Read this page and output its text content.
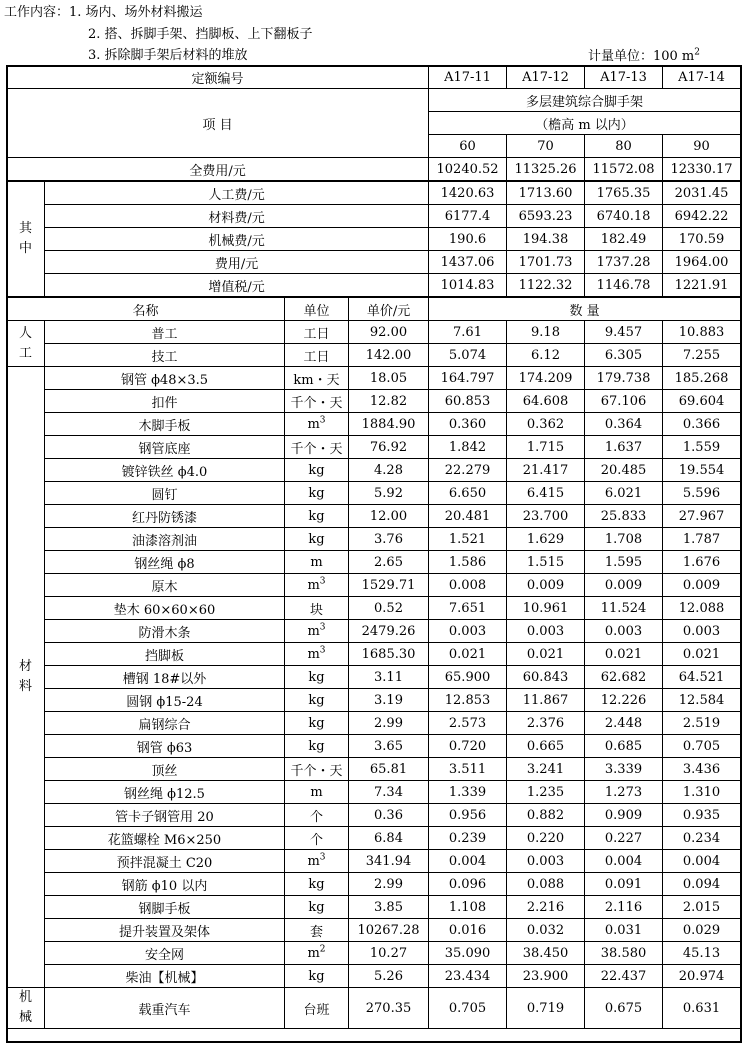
工作内容：1. 场内、场外材料搬运
2. 搭、拆脚手架、挡脚板、上下翻板子
3. 拆除脚手架后材料的堆放	计量单位：100 $m^2$
定额编号				A17-11	A17-12	A17-13	A17-14
项 目				多层建筑综合脚手架			
				（檐高 m 以内）			
				60	70	80	90
全费用/元				10240.52	11325.26	11572.08	12330.17
其
中	人工费/元			1420.63	1713.60	1765.35	2031.45
	材料费/元			6177.4	6593.23	6740.18	6942.22
	机械费/元			190.6	194.38	182.49	170.59
	费用/元			1437.06	1701.73	1737.28	1964.00
	增值税/元			1014.83	1122.32	1146.78	1221.91
名称		单位	单价/元	数 量			
人
工	普工	工日	92.00	7.61	9.18	9.457	10.883
	技工	工日	142.00	5.074	6.12	6.305	7.255
材
料	钢管 ϕ48×3.5	km・天	18.05	164.797	174.209	179.738	185.268
	扣件	千个・天	12.82	60.853	64.608	67.106	69.604
	木脚手板	$m^3$	1884.90	0.360	0.362	0.364	0.366
	钢管底座	千个・天	76.92	1.842	1.715	1.637	1.559
	镀锌铁丝 ϕ4.0	kg	4.28	22.279	21.417	20.485	19.554
	圆钉	kg	5.92	6.650	6.415	6.021	5.596
	红丹防锈漆	kg	12.00	20.481	23.700	25.833	27.967
	油漆溶剂油	kg	3.76	1.521	1.629	1.708	1.787
	钢丝绳 ϕ8	m	2.65	1.586	1.515	1.595	1.676
	原木	$m^3$	1529.71	0.008	0.009	0.009	0.009
	垫木 60×60×60	块	0.52	7.651	10.961	11.524	12.088
	防滑木条	$m^3$	2479.26	0.003	0.003	0.003	0.003
	挡脚板	$m^3$	1685.30	0.021	0.021	0.021	0.021
	槽钢 18#以外	kg	3.11	65.900	60.843	62.682	64.521
	圆钢 ϕ15-24	kg	3.19	12.853	11.867	12.226	12.584
	扁钢综合	kg	2.99	2.573	2.376	2.448	2.519
	钢管 ϕ63	kg	3.65	0.720	0.665	0.685	0.705
	顶丝	千个・天	65.81	3.511	3.241	3.339	3.436
	钢丝绳 ϕ12.5	m	7.34	1.339	1.235	1.273	1.310
	管卡子钢管用 20	个	0.36	0.956	0.882	0.909	0.935
	花篮螺栓 M6×250	个	6.84	0.239	0.220	0.227	0.234
	预拌混凝土 C20	$m^3$	341.94	0.004	0.003	0.004	0.004
	钢筋 ϕ10 以内	kg	2.99	0.096	0.088	0.091	0.094
	钢脚手板	kg	3.85	1.108	2.216	2.116	2.015
	提升装置及架体	套	10267.28	0.016	0.032	0.031	0.029
	安全网	$m^2$	10.27	35.090	38.450	38.580	45.13
	柴油【机械】	kg	5.26	23.434	23.900	22.437	20.974
机
械	载重汽车	台班	270.35	0.705	0.719	0.675	0.631
